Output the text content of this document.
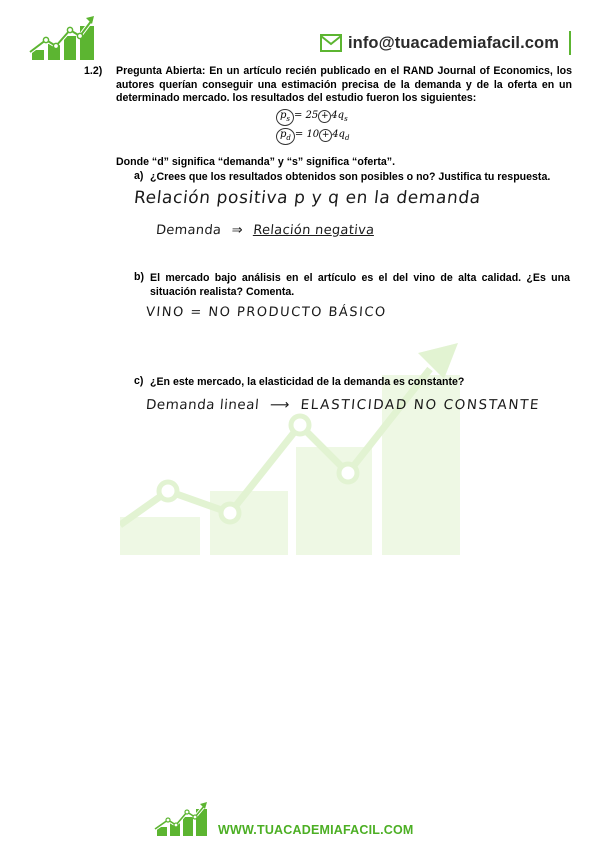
info@tuacademiafacil.com
1.2) Pregunta Abierta: En un artículo recién publicado en el RAND Journal of Economics, los autores querían conseguir una estimación precisa de la demanda y de la oferta en un determinado mercado. los resultados del estudio fueron los siguientes:
$p_s = 25 + 4q_s$
$p_d = 10 + 4q_d$
Donde “d” significa “demanda” y “s” significa “oferta”.
a) ¿Crees que los resultados obtenidos son posibles o no? Justifica tu respuesta.
Relación positiva p y q en la demanda
Demanda ⇒ Relación negativa
b) El mercado bajo análisis en el artículo es el del vino de alta calidad. ¿Es una situación realista? Comenta.
VINO = NO PRODUCTO BÁSICO
c) ¿En este mercado, la elasticidad de la demanda es constante?
Demanda lineal ⟶ ELASTICIDAD NO CONSTANTE
WWW.TUACADEMIAFACIL.COM
